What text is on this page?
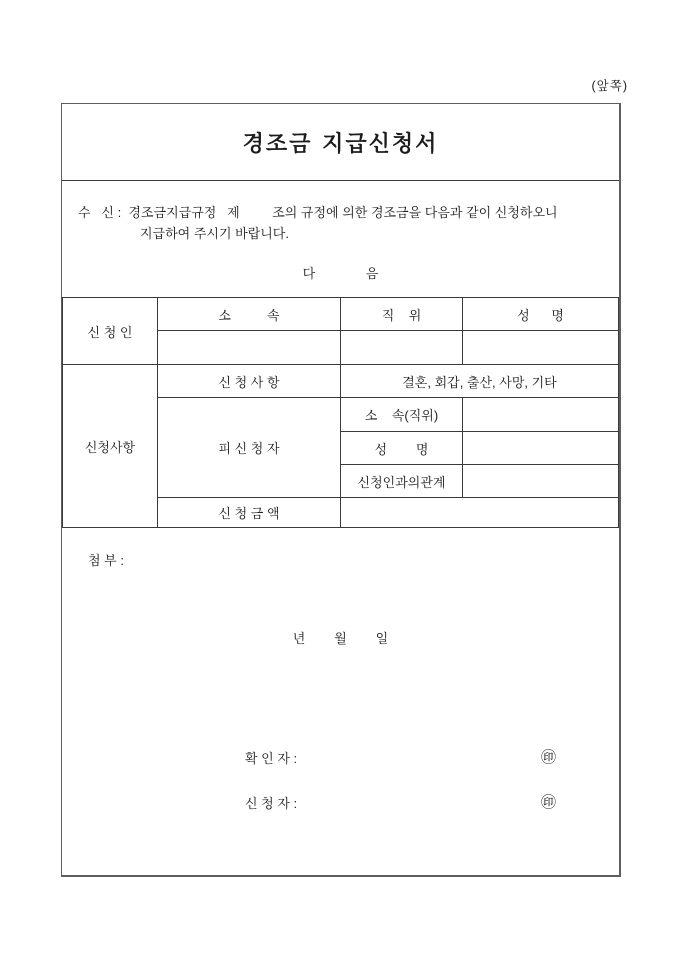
(앞쪽)
경조금 지급신청서
수   신 :  경조금지급규정   제         조의 규정에 의한 경조금을 다음과 같이 신청하오니
지급하여 주시기 바랍니다.
다              음
신 청 인	소          속	직    위	성      명

신청사항	신 청 사 항	결혼, 회갑, 출산, 사망, 기타	
	피 신 청 자	소    속(직위)	
		성        명	
		신청인과의관계	
	신 청 금 액		
첨 부 :
년        월        일
확 인 자 :	㊞
신 청 자 :	㊞
